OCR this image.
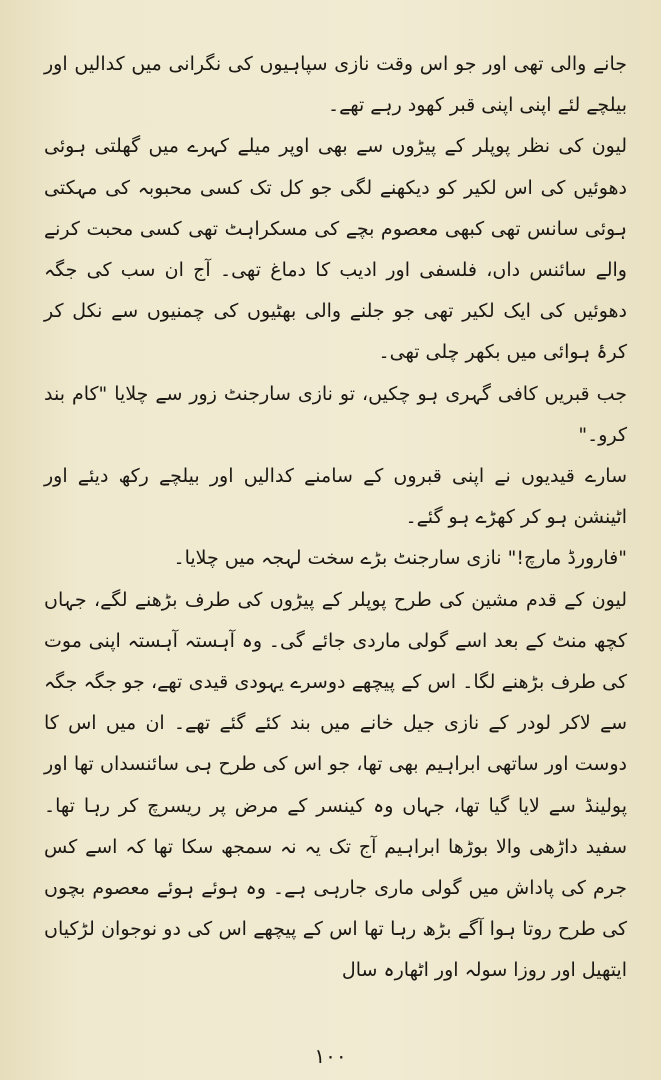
جانے والی تھی اور جو اس وقت نازی سپاہیوں کی نگرانی میں کدالیں اور بیلچے لئے اپنی اپنی قبر کھود رہے تھے۔

لیون کی نظر پوپلر کے پیڑوں سے بھی اوپر میلے کہرے میں گھلتی ہوئی دھوئیں کی اس لکیر کو دیکھنے لگی جو کل تک کسی محبوبہ کی مہکتی ہوئی سانس تھی کبھی معصوم بچے کی مسکراہٹ تھی کسی محبت کرنے والے سائنس داں، فلسفی اور ادیب کا دماغ تھی۔ آج ان سب کی جگہ دھوئیں کی ایک لکیر تھی جو جلنے والی بھٹیوں کی چمنیوں سے نکل کر کرۂ ہوائی میں بکھر چلی تھی۔

جب قبریں کافی گہری ہو چکیں، تو نازی سارجنٹ زور سے چلایا "کام بند کرو۔"

سارے قیدیوں نے اپنی قبروں کے سامنے کدالیں اور بیلچے رکھ دیئے اور اٹینشن ہو کر کھڑے ہو گئے۔

"فارورڈ مارچ!" نازی سارجنٹ بڑے سخت لہجہ میں چلایا۔

لیون کے قدم مشین کی طرح پوپلر کے پیڑوں کی طرف بڑھنے لگے، جہاں کچھ منٹ کے بعد اسے گولی ماردی جائے گی۔ وہ آہستہ آہستہ اپنی موت کی طرف بڑھنے لگا۔ اس کے پیچھے دوسرے یہودی قیدی تھے، جو جگہ جگہ سے لاکر لودر کے نازی جیل خانے میں بند کئے گئے تھے۔ ان میں اس کا دوست اور ساتھی ابراہیم بھی تھا، جو اس کی طرح ہی سائنسداں تھا اور پولینڈ سے لایا گیا تھا، جہاں وہ کینسر کے مرض پر ریسرچ کر رہا تھا۔ سفید داڑھی والا بوڑھا ابراہیم آج تک یہ نہ سمجھ سکا تھا کہ اسے کس جرم کی پاداش میں گولی ماری جارہی ہے۔ وہ ہوئے ہوئے معصوم بچوں کی طرح روتا ہوا آگے بڑھ رہا تھا اس کے پیچھے اس کی دو نوجوان لڑکیاں ایتھیل اور روزا سولہ اور اٹھارہ سال

۱۰۰
